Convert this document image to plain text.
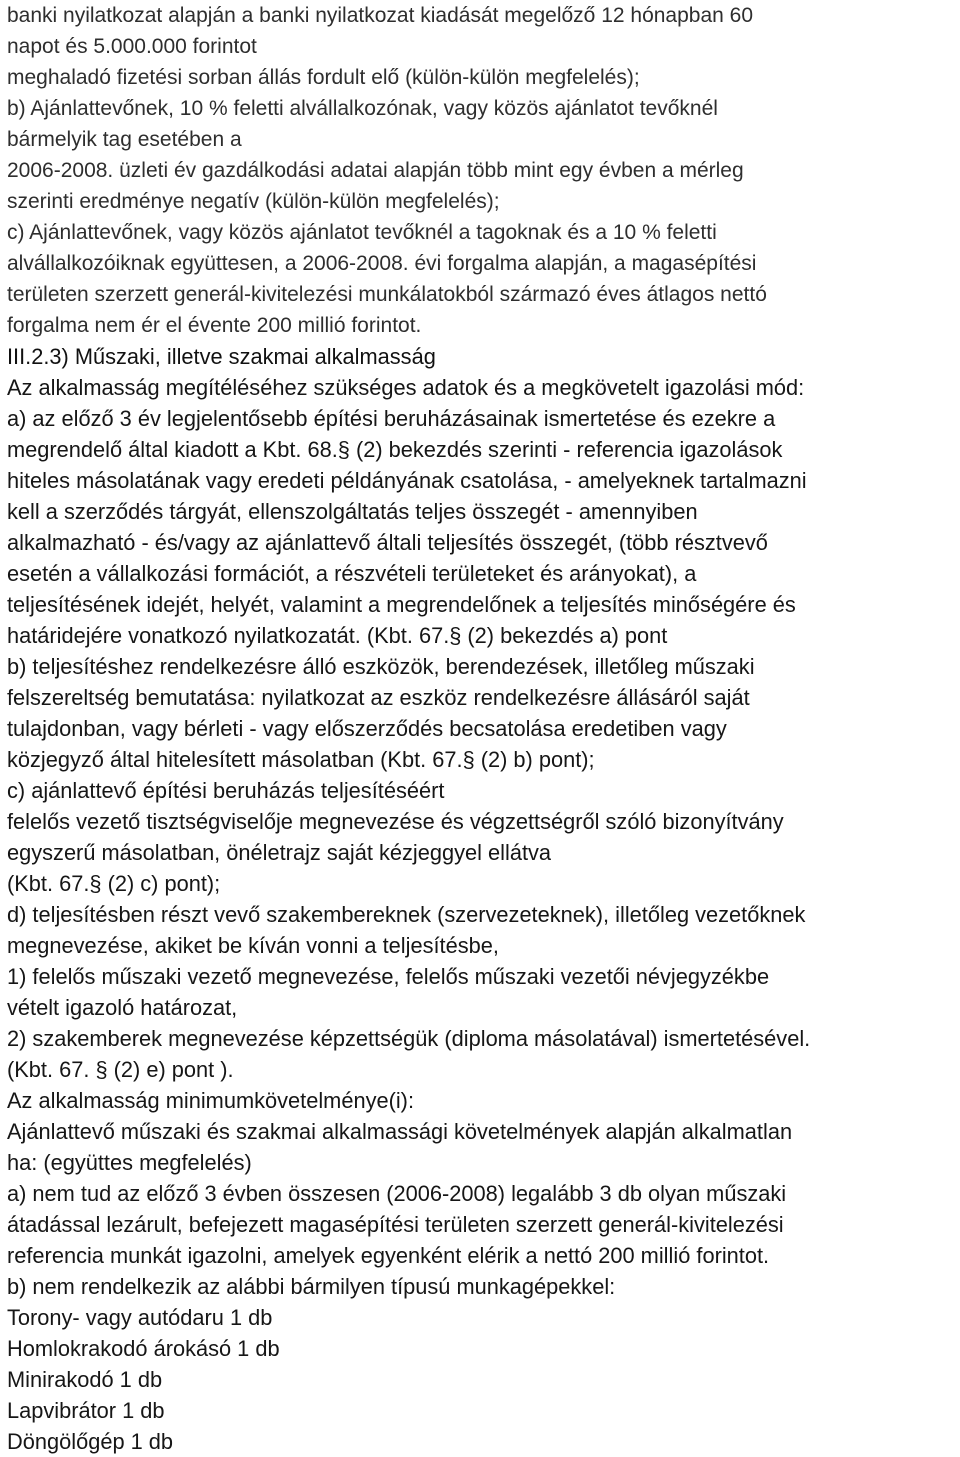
banki nyilatkozat alapján a banki nyilatkozat kiadását megelőző 12 hónapban 60
napot és 5.000.000 forintot
meghaladó fizetési sorban állás fordult elő (külön-külön megfelelés);
b) Ajánlattevőnek, 10 % feletti alvállalkozónak, vagy közös ajánlatot tevőknél
bármelyik tag esetében a
2006-2008. üzleti év gazdálkodási adatai alapján több mint egy évben a mérleg
szerinti eredménye negatív (külön-külön megfelelés);
c) Ajánlattevőnek, vagy közös ajánlatot tevőknél a tagoknak és a 10 % feletti
alvállalkozóiknak együttesen, a 2006-2008. évi forgalma alapján, a magasépítési
területen szerzett generál-kivitelezési munkálatokból származó éves átlagos nettó
forgalma nem ér el évente 200 millió forintot.
III.2.3) Műszaki, illetve szakmai alkalmasság
Az alkalmasság megítéléséhez szükséges adatok és a megkövetelt igazolási mód:
a) az előző 3 év legjelentősebb építési beruházásainak ismertetése és ezekre a
megrendelő által kiadott a Kbt. 68.§ (2) bekezdés szerinti - referencia igazolások
hiteles másolatának vagy eredeti példányának csatolása, - amelyeknek tartalmazni
kell a szerződés tárgyát, ellenszolgáltatás teljes összegét - amennyiben
alkalmazható - és/vagy az ajánlattevő általi teljesítés összegét, (több résztvevő
esetén a vállalkozási formációt, a részvételi területeket és arányokat), a
teljesítésének idejét, helyét, valamint a megrendelőnek a teljesítés minőségére és
határidejére vonatkozó nyilatkozatát. (Kbt. 67.§ (2) bekezdés a) pont
b) teljesítéshez rendelkezésre álló eszközök, berendezések, illetőleg műszaki
felszereltség bemutatása: nyilatkozat az eszköz rendelkezésre állásáról saját
tulajdonban, vagy bérleti - vagy előszerződés becsatolása eredetiben vagy
közjegyző által hitelesített másolatban (Kbt. 67.§ (2) b) pont);
c) ajánlattevő építési beruházás teljesítéséért
felelős vezető tisztségviselője megnevezése és végzettségről szóló bizonyítvány
egyszerű másolatban, önéletrajz saját kézjeggyel ellátva
(Kbt. 67.§ (2) c) pont);
d) teljesítésben részt vevő szakembereknek (szervezeteknek), illetőleg vezetőknek
megnevezése, akiket be kíván vonni a teljesítésbe,
1) felelős műszaki vezető megnevezése, felelős műszaki vezetői névjegyzékbe
vételt igazoló határozat,
2) szakemberek megnevezése képzettségük (diploma másolatával) ismertetésével.
(Kbt. 67. § (2) e) pont ).
Az alkalmasság minimumkövetelménye(i):
Ajánlattevő műszaki és szakmai alkalmassági követelmények alapján alkalmatlan
ha: (együttes megfelelés)
a) nem tud az előző 3 évben összesen (2006-2008) legalább 3 db olyan műszaki
átadással lezárult, befejezett magasépítési területen szerzett generál-kivitelezési
referencia munkát igazolni, amelyek egyenként elérik a nettó 200 millió forintot.
b) nem rendelkezik az alábbi bármilyen típusú munkagépekkel:
Torony- vagy autódaru 1 db
Homlokrakodó árokásó 1 db
Minirakodó 1 db
Lapvibrátor 1 db
Döngölőgép 1 db
